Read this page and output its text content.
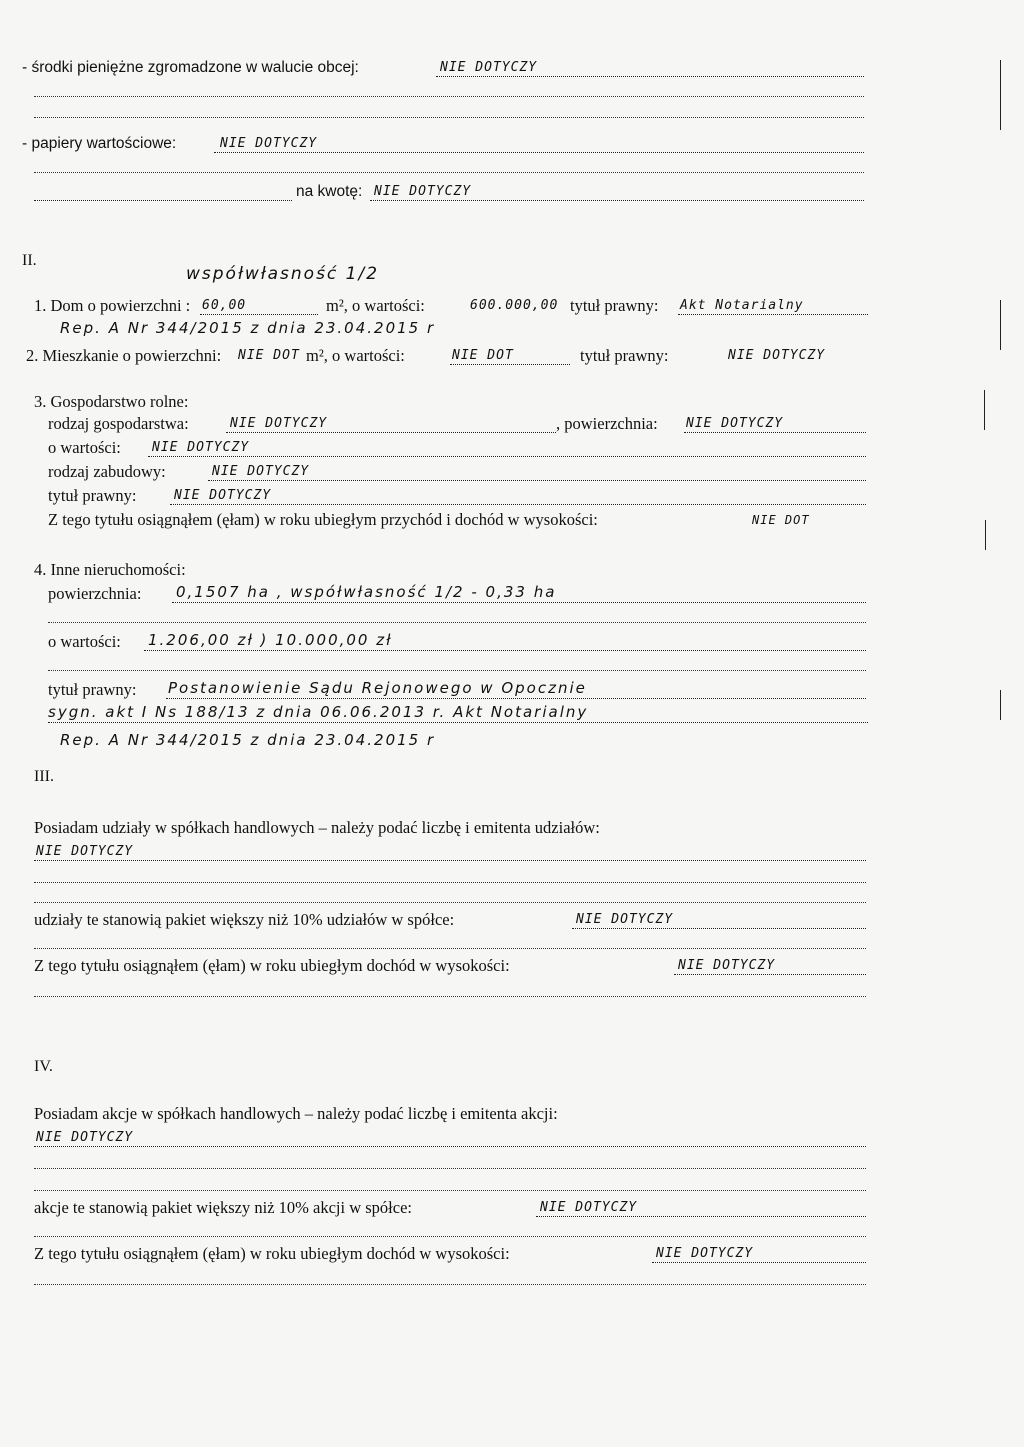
- środki pieniężne zgromadzone w walucie obcej:	NIE DOTYCZY
- papiery wartościowe:	NIE DOTYCZY
na kwotę: NIE DOTYCZY
II.
współwłasność 1/2
1. Dom o powierzchni : 60,00	m², o wartości:	600.000,00 tytuł prawny: Akt Notarialny
Rep. A Nr 344/2015 z dnia 23.04.2015 r
2. Mieszkanie o powierzchni: NIE DOT m², o wartości:	NIE DOT	tytuł prawny:	NIE DOTYCZY
3. Gospodarstwo rolne:
rodzaj gospodarstwa:	NIE DOTYCZY	, powierzchnia: NIE DOTYCZY
o wartości: NIE DOTYCZY
rodzaj zabudowy:	NIE DOTYCZY
tytuł prawny:	NIE DOTYCZY
Z tego tytułu osiągnąłem (ęłam) w roku ubiegłym przychód i dochód w wysokości:	NIE DOT
4. Inne nieruchomości:
powierzchnia: 0,1507 ha , współwłasność 1/2 - 0,33 ha
o wartości: 1.206,00 zł ) 10.000,00 zł
tytuł prawny: Postanowienie Sądu Rejonowego w Opocznie
sygn. akt I Ns 188/13 z dnia 06.06.2013 r. Akt Notarialny
Rep. A Nr 344/2015 z dnia 23.04.2015 r
III.
Posiadam udziały w spółkach handlowych – należy podać liczbę i emitenta udziałów:
NIE DOTYCZY
udziały te stanowią pakiet większy niż 10% udziałów w spółce:	NIE DOTYCZY
Z tego tytułu osiągnąłem (ęłam) w roku ubiegłym dochód w wysokości:	NIE DOTYCZY
IV.
Posiadam akcje w spółkach handlowych – należy podać liczbę i emitenta akcji:
NIE DOTYCZY
akcje te stanowią pakiet większy niż 10% akcji w spółce:	NIE DOTYCZY
Z tego tytułu osiągnąłem (ęłam) w roku ubiegłym dochód w wysokości:	NIE DOTYCZY
